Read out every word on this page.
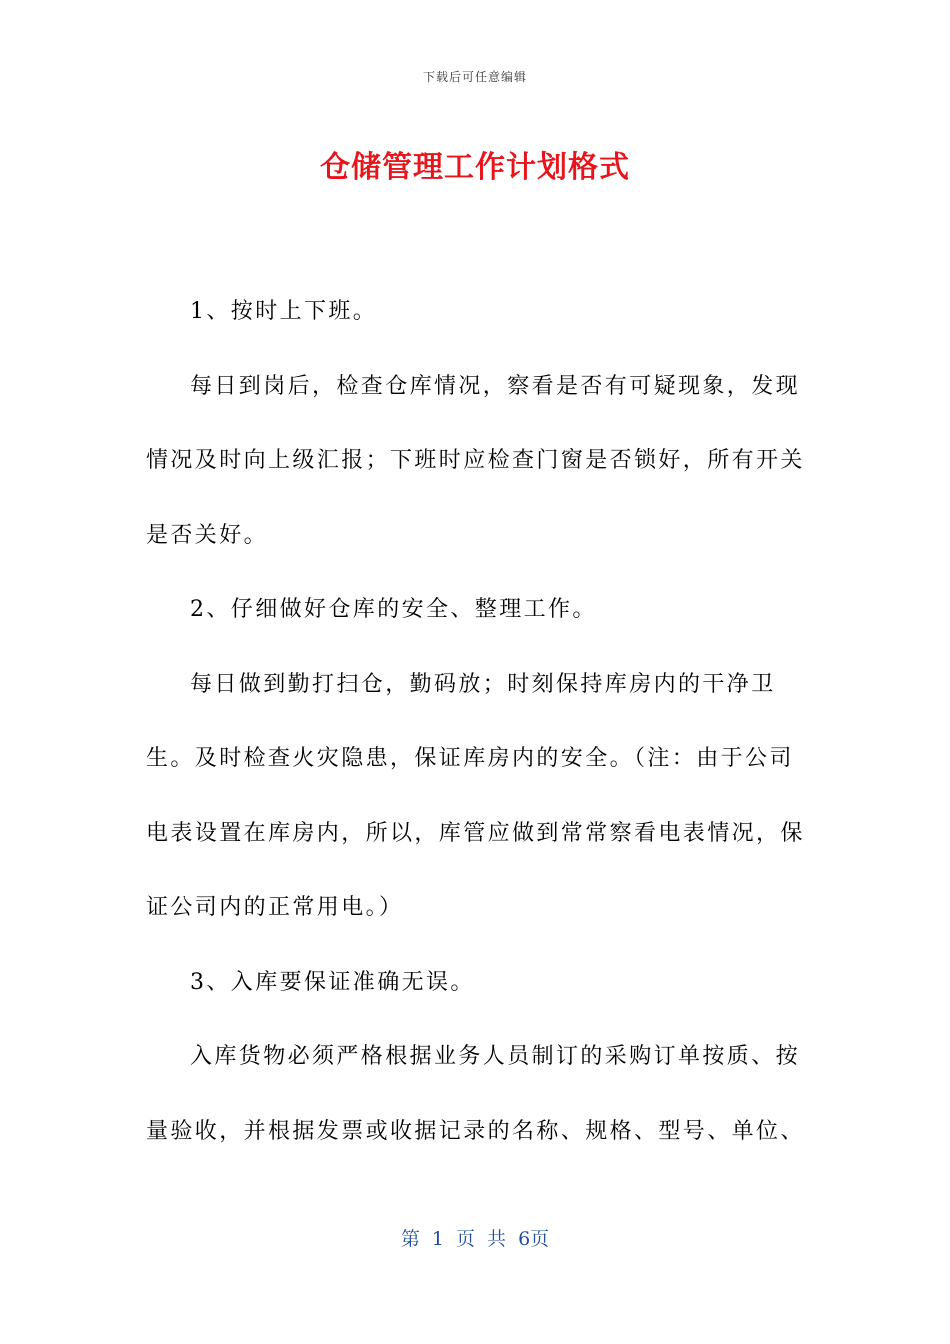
下载后可任意编辑
仓储管理工作计划格式

1、按时上下班。

每日到岗后，检查仓库情况，察看是否有可疑现象，发现情况及时向上级汇报；下班时应检查门窗是否锁好，所有开关是否关好。

2、仔细做好仓库的安全、整理工作。

每日做到勤打扫仓，勤码放；时刻保持库房内的干净卫生。及时检查火灾隐患，保证库房内的安全。（注：由于公司电表设置在库房内，所以，库管应做到常常察看电表情况，保证公司内的正常用电。）

3、入库要保证准确无误。

入库货物必须严格根据业务人员制订的采购订单按质、按量验收，并根据发票或收据记录的名称、规格、型号、单位、

第 1 页 共 6页
